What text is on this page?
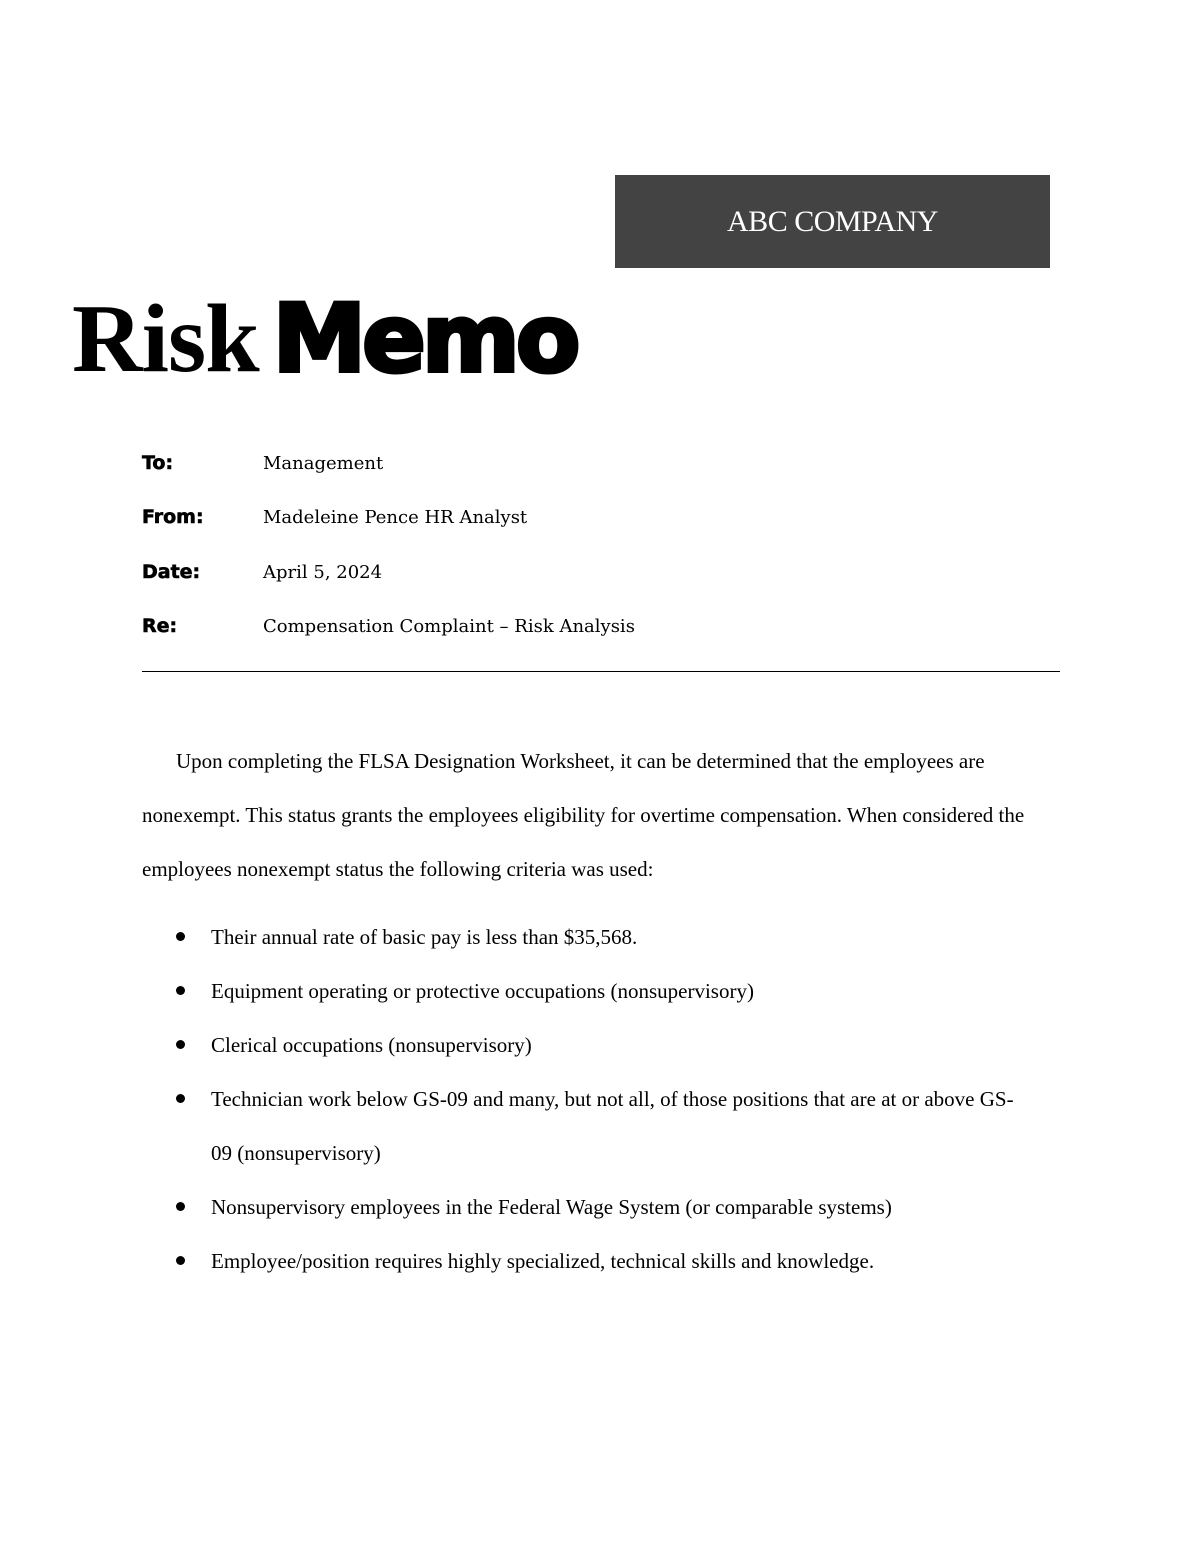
ABC COMPANY
Risk Memo
To:	Management
From:	Madeleine Pence HR Analyst
Date:	April 5, 2024
Re:	Compensation Complaint – Risk Analysis

Upon completing the FLSA Designation Worksheet, it can be determined that the employees are nonexempt. This status grants the employees eligibility for overtime compensation. When considered the employees nonexempt status the following criteria was used:

Their annual rate of basic pay is less than $35,568.
Equipment operating or protective occupations (nonsupervisory)
Clerical occupations (nonsupervisory)
Technician work below GS-09 and many, but not all, of those positions that are at or above GS-09 (nonsupervisory)
Nonsupervisory employees in the Federal Wage System (or comparable systems)
Employee/position requires highly specialized, technical skills and knowledge.
